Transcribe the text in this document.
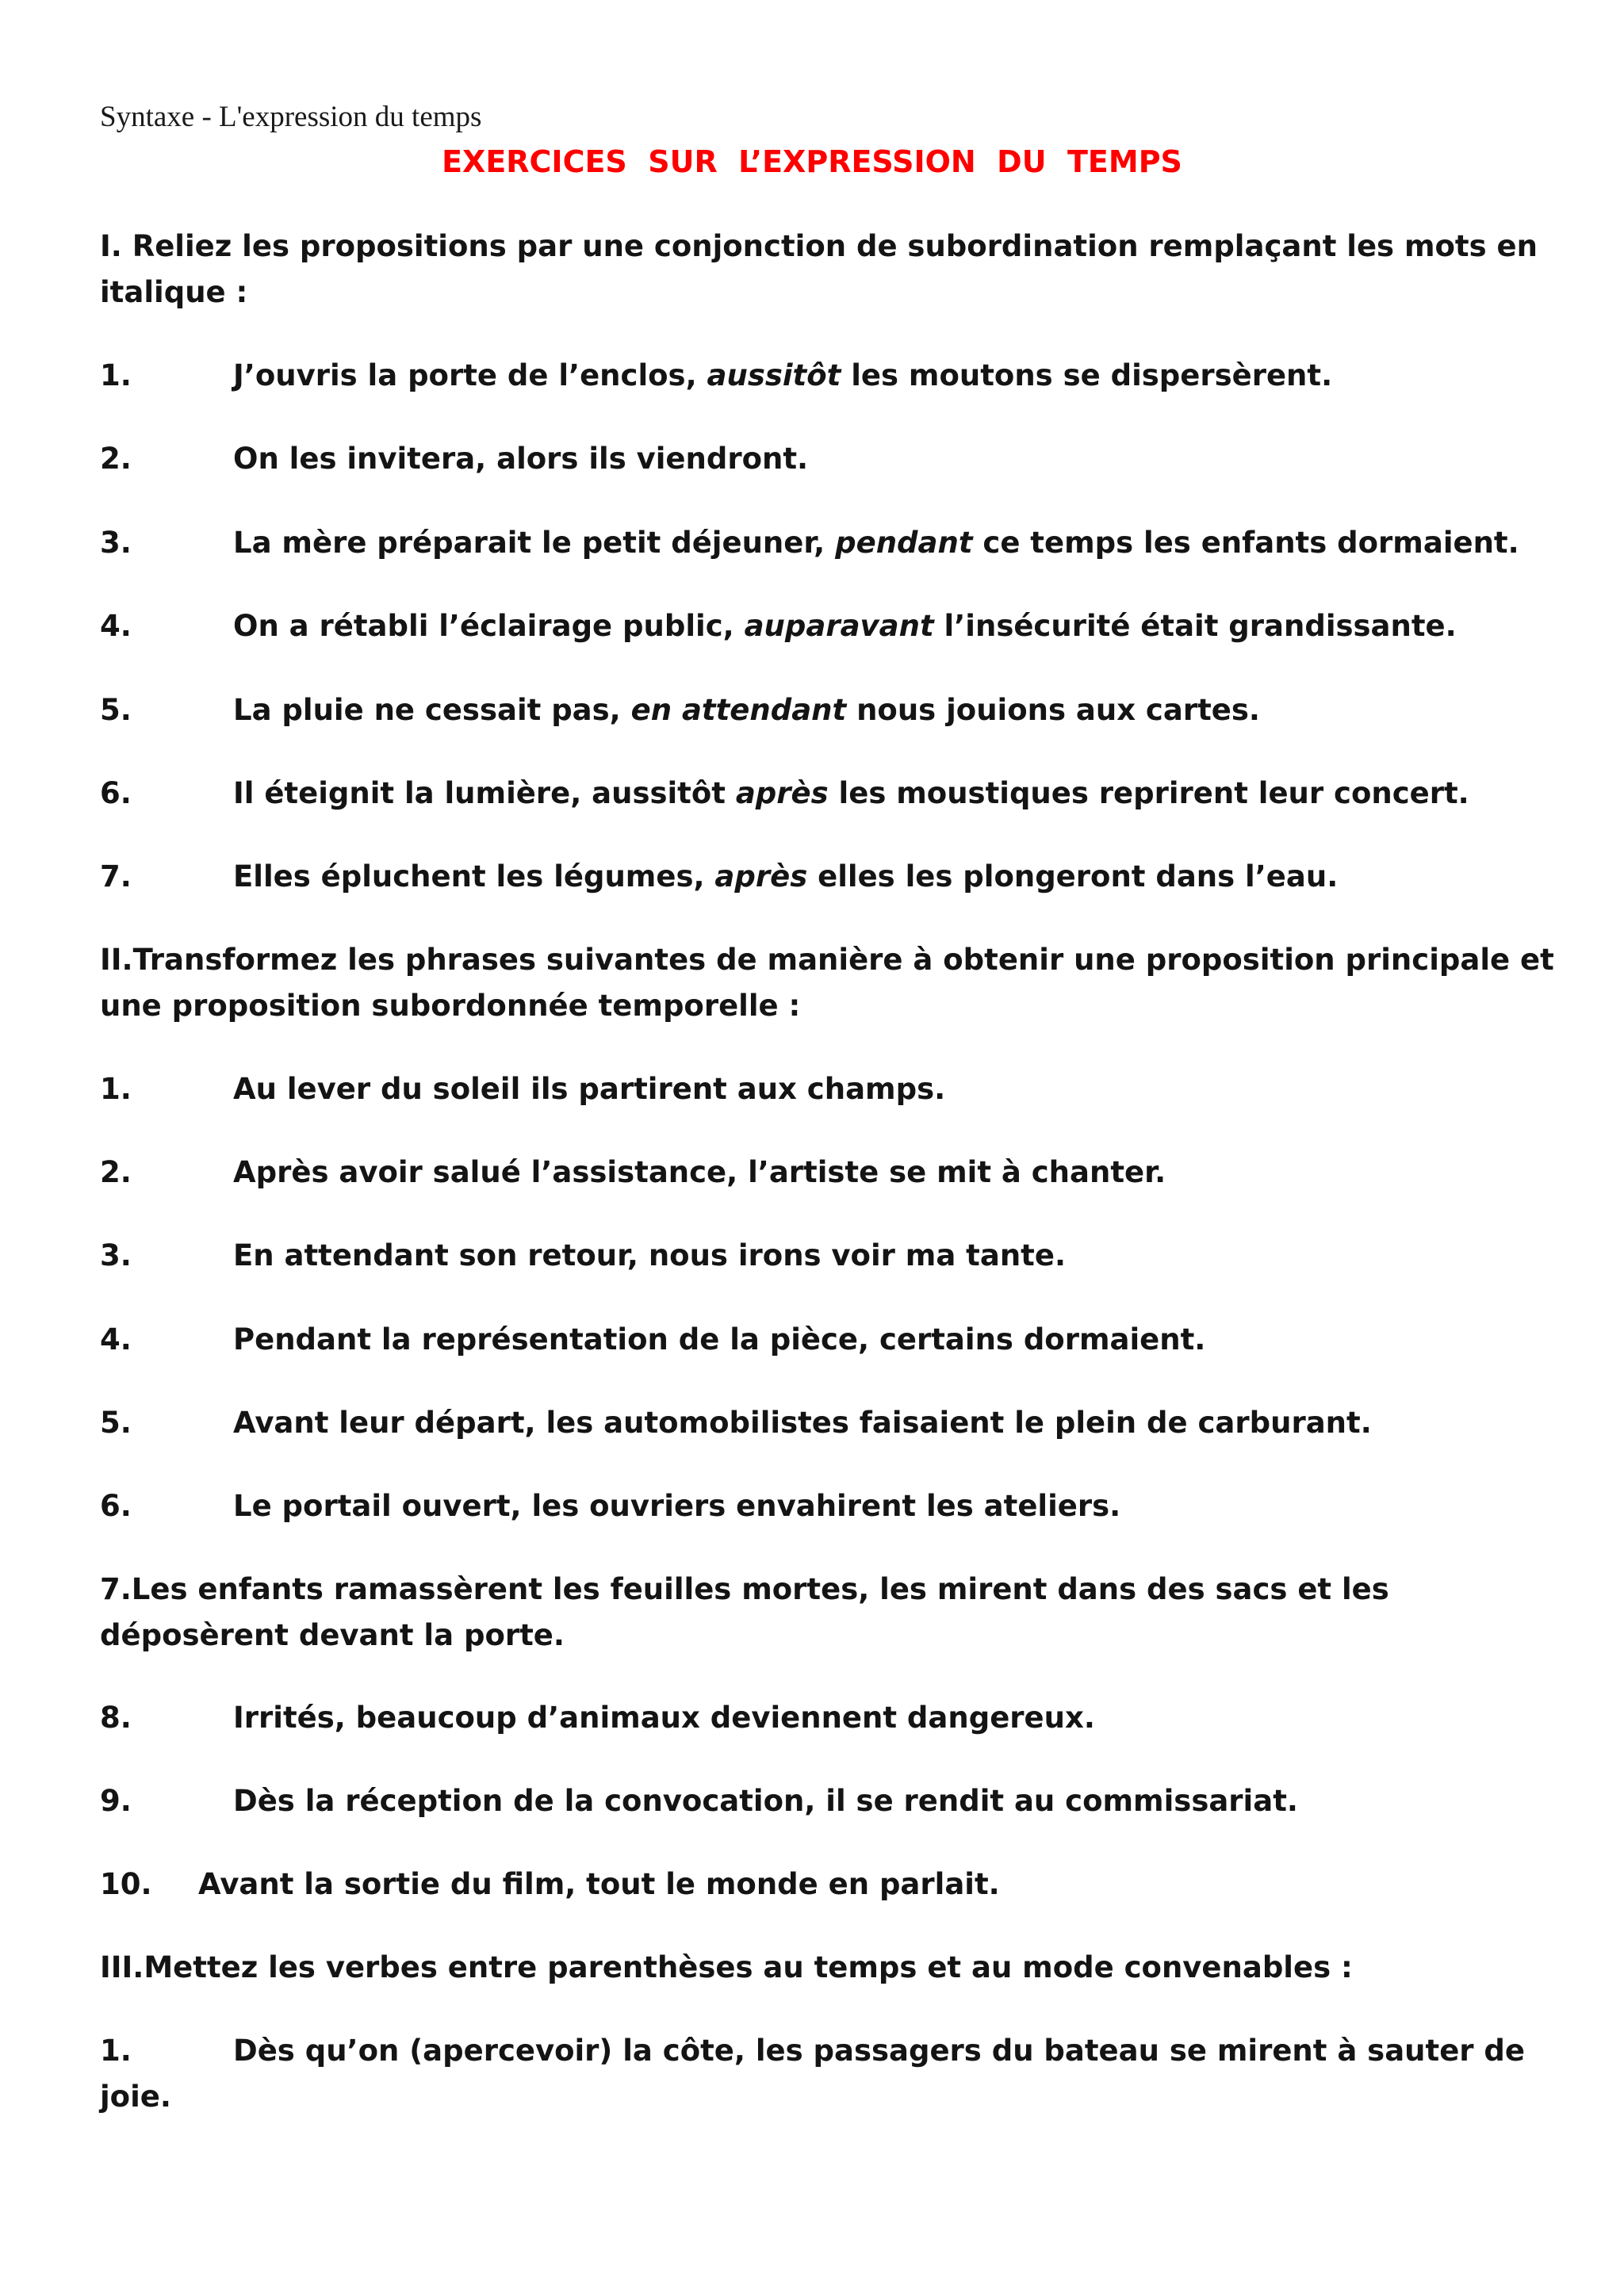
Syntaxe - L'expression du temps
EXERCICES  SUR  L’EXPRESSION  DU  TEMPS
I. Reliez les propositions par une conjonction de subordination remplaçant les mots en
italique :
1.	J’ouvris la porte de l’enclos, aussitôt les moutons se dispersèrent.
2.	On les invitera, alors ils viendront.
3.	La mère préparait le petit déjeuner, pendant ce temps les enfants dormaient.
4.	On a rétabli l’éclairage public, auparavant l’insécurité était grandissante.
5.	La pluie ne cessait pas, en attendant nous jouions aux cartes.
6.	Il éteignit la lumière, aussitôt après les moustiques reprirent leur concert.
7.	Elles épluchent les légumes, après elles les plongeront dans l’eau.
II.Transformez les phrases suivantes de manière à obtenir une proposition principale et
une proposition subordonnée temporelle :
1.	Au lever du soleil ils partirent aux champs.
2.	Après avoir salué l’assistance, l’artiste se mit à chanter.
3.	En attendant son retour, nous irons voir ma tante.
4.	Pendant la représentation de la pièce, certains dormaient.
5.	Avant leur départ, les automobilistes faisaient le plein de carburant.
6.	Le portail ouvert, les ouvriers envahirent les ateliers.
7.Les enfants ramassèrent les feuilles mortes, les mirent dans des sacs et les
déposèrent devant la porte.
8.	Irrités, beaucoup d’animaux deviennent dangereux.
9.	Dès la réception de la convocation, il se rendit au commissariat.
10. Avant la sortie du film, tout le monde en parlait.
III.Mettez les verbes entre parenthèses au temps et au mode convenables :
1.	Dès qu’on (apercevoir) la côte, les passagers du bateau se mirent à sauter de
joie.
